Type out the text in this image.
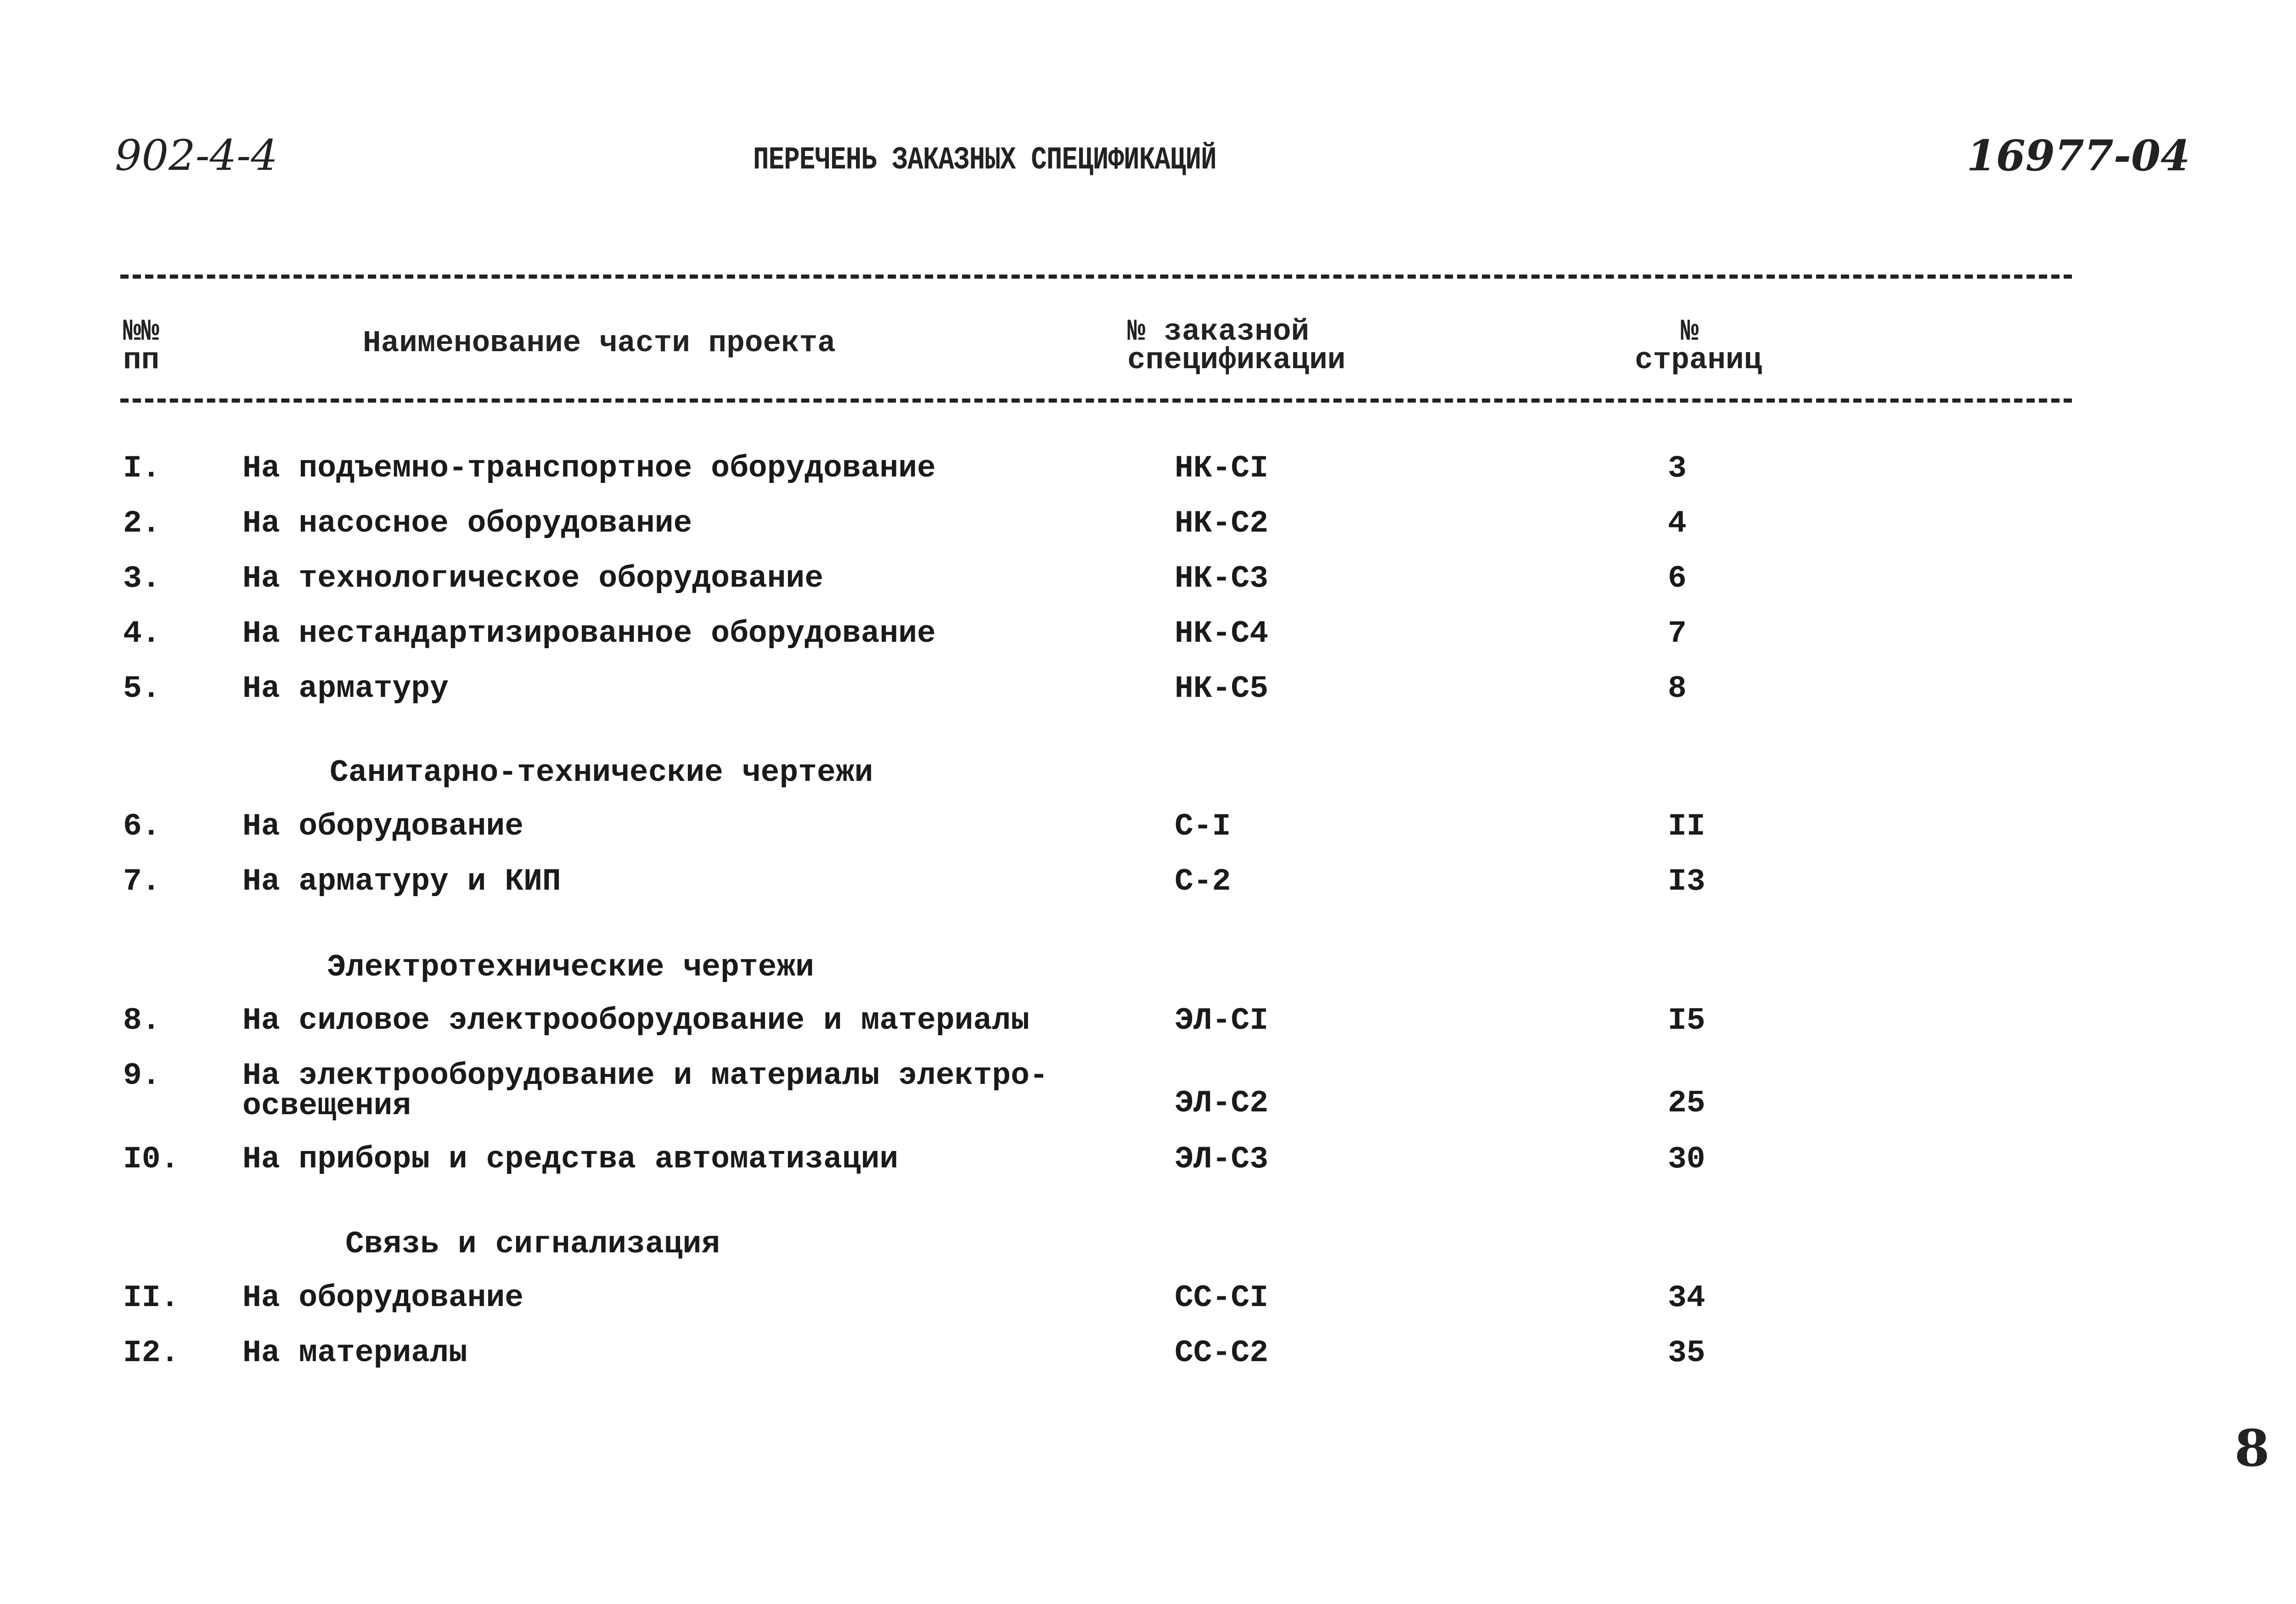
902-4-4	ПЕРЕЧЕНЬ ЗАКАЗНЫХ СПЕЦИФИКАЦИЙ	16977-04
№№
пп	Наименование части проекта	№ заказной
спецификации
№
страниц
I.	На подъемно-транспортное оборудование	НК-СI	3
2.	На насосное оборудование	НК-С2	4
3.	На технологическое оборудование	НК-С3	6
4.	На нестандартизированное оборудование	НК-С4	7
5.	На арматуру	НК-С5	8
Санитарно-технические чертежи
6.	На оборудование	С-I	II
7.	На арматуру и КИП	С-2	I3
Электротехнические чертежи
8.	На силовое электрооборудование и материалы	ЭЛ-СI	I5
9.	На электрооборудование и материалы электро-
освещения	ЭЛ-С2	25
I0. На приборы и средства автоматизации	ЭЛ-С3	30
Связь и сигнализация
II. На оборудование	СС-СI	34
I2. На материалы	СС-С2	35
8
